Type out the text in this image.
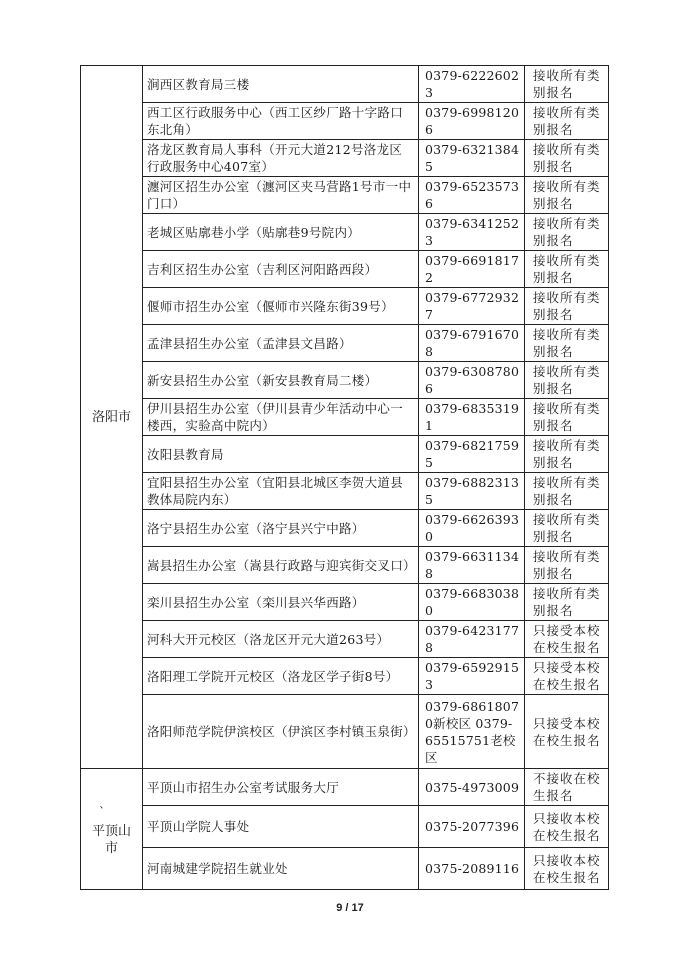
洛阳市	涧西区教育局三楼	0379-62226023	接收所有类别报名
	西工区行政服务中心（西工区纱厂路十字路口东北角）	0379-69981206	接收所有类别报名
	洛龙区教育局人事科（开元大道212号洛龙区行政服务中心407室）	0379-63213845	接收所有类别报名
	瀍河区招生办公室（瀍河区夹马营路1号市一中门口）	0379-65235736	接收所有类别报名
	老城区贴廓巷小学（贴廓巷9号院内）	0379-63412523	接收所有类别报名
	吉利区招生办公室（吉利区河阳路西段）	0379-66918172	接收所有类别报名
	偃师市招生办公室（偃师市兴隆东街39号）	0379-67729327	接收所有类别报名
	孟津县招生办公室（孟津县文昌路）	0379-67916708	接收所有类别报名
	新安县招生办公室（新安县教育局二楼）	0379-63087806	接收所有类别报名
	伊川县招生办公室（伊川县青少年活动中心一楼西，实验高中院内）	0379-68353191	接收所有类别报名
	汝阳县教育局	0379-68217595	接收所有类别报名
	宜阳县招生办公室（宜阳县北城区李贺大道县教体局院内东）	0379-68823135	接收所有类别报名
	洛宁县招生办公室（洛宁县兴宁中路）	0379-66263930	接收所有类别报名
	嵩县招生办公室（嵩县行政路与迎宾街交叉口）	0379-66311348	接收所有类别报名
	栾川县招生办公室（栾川县兴华西路）	0379-66830380	接收所有类别报名
	河科大开元校区（洛龙区开元大道263号）	0379-64231778	只接受本校在校生报名
	洛阳理工学院开元校区（洛龙区学子街8号）	0379-65929153	只接受本校在校生报名
	洛阳师范学院伊滨校区（伊滨区李村镇玉泉街）	0379-68618070新校区 0379-65515751老校区	只接受本校在校生报名

、
平顶山市	平顶山市招生办公室考试服务大厅	0375-4973009	不接收在校生报名
	平顶山学院人事处	0375-2077396	只接收本校在校生报名
	河南城建学院招生就业处	0375-2089116	只接收本校在校生报名
9 / 17
